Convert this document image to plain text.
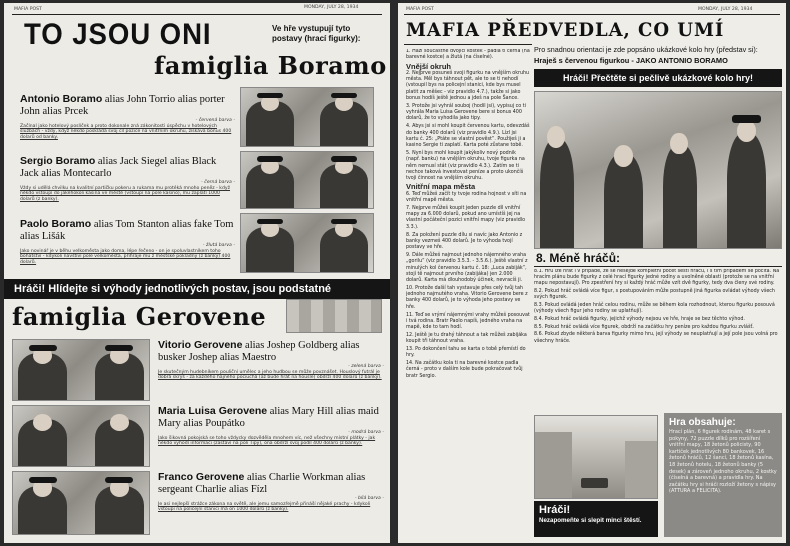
MAFIA POST	MONDAY, JULY 28, 1934
TO JSOU ONI	Ve hře vystupují tyto postavy (hrací figurky):
famiglia Boramo
Antonio Boramo alias John Torrio alias porter John alias Prcek
- červená barva -
Začínal jako hotelový poslíček a proto dokonale zná zákonitosti úspěchu v hotelových službách - vždy, když někdo poskládá svůj cíl pozice na vnitřním okruhu, získává bonus 400 dolarů od banky.
Sergio Boramo alias Jack Siegel alias Black Jack alias Montecarlo
- černá barva -
Vždy si udělá chvilku na kvalitní partičku pokeru a rukama mu protéká mnoho peněz - když někdo vstoupí do jakéhokoli kasina ve městě (vstoupí na pole kasino), mu zaplatí 1000 dolarů (z banky).
Paolo Boramo alias Tom Stanton alias fake Tom alias Lišák
- žlutá barva -
Jako novinář je v běhu velkoměsta jako doma, lépe řečeno - on je spoluvlastníkem toho bohatství - kdykoli navštíví pole velkoměsta, přihraje mu z městské pokladny (z banky) 400 dolarů.
Hráči! Hlídejte si výhody jednotlivých postav, jsou podstatné
famiglia Gerovene
Vitorio Gerovene alias Joshep Goldberg alias busker Joshep alias Maestro
- zelená barva -
Je skutečným hudebníkem pouliční umělec a jeho hudbou se může povznášet. Houslový futrál je dobrá skrýš - za každého hajného pociuchá (až bude hrát na housle) obdrží 400 dolarů (z banky).
Maria Luisa Gerovene alias Mary Hill alias maid Mary alias Poupátko
- modrá barva -
Jako šikovná pokojská se toho vždycky dozvěděla mnohem víc, než všechny místní plátky - jak někdo vyhodí informaci (zastaví na poli Tipy), ona obdrží svůj podíl 400 dolarů (z banky).
Franco Gerovene alias Charlie Workman alias sergeant Charlie alias Fízl
- bílá barva -
Je asi nejlepší strážce zákona na světě, ale jemu samozřejmě přináší nějaké prachy - kdykoli vstoupí na policejní stanici má on 1000 dolarů (z banky).
MAFIA POST	MONDAY, JULY 28, 1934
MAFIA PŘEDVEDLA, CO UMÍ
Pro snadnou orientaci je zde popsáno ukázkové kolo hry (představ si):
Hraješ s červenou figurkou - JAKO ANTONIO BORAMO
Hráči! Přečtěte si pečlivě ukázkové kolo hry!

1. Hází součastně dvojicí kostek - padla ti černá (na barevné kostce) a žlutá (na číselné).

Vnější okruh

2. Nejprve posuneš svoji figurku na vnějším okruhu města. Měl bys táhnout pět, ale to se ti nehodí (vstoupil bys na policejní stanici, kde bys musel platit za měšec - viz pravidlo 4.7.), takže si jako bonus hodíš ještě jednou a jdeš na pole Šance.

3. Protože jsi vyhrál souboj (hodil jsi), vypisuj co ti vyhrála Maria Luisa Gerovene bere si bonus 400 dolarů, že to vyhodila jako tipy.

4. Abys jsi si mohl koupit červenou kartu, odevzdáš do banky 400 dolarů (viz pravidlo 4.9.). Lízl jsi kartu č. 25: „Ptáte se vlastní pověst“. Použiješ ji a kasino Sergie ti zaplatí. Karta poté zůstane tobě.

5. Nyní bys mohl koupit jakýkoliv nový podnik (např. banku) na vnějším okruhu, tvoje figurka na něm nemusí stát (viz pravidlo 4.3.). Zatím se ti nechce taková investovat peníze a proto ukončíš tvoji činnost na vnějším okruhu.

Vnitřní mapa města

6. Teď můžeš začít ty tvoje rodina hojnost v síti na vnitřní mapě města.

7. Nejprve můžeš koupit jeden puzzle díl vnitřní mapy za 6.000 dolarů, pokud ano umístíš jej na vlastní počáteční pozici vnitřní mapy (viz pravidlo 3.3.).

8. Za položení puzzle dílu si navíc jako Antonio z banky vezmeš 400 dolarů. Je to výhoda tvojí postavy ve hře.

9. Dále můžeš najmout jednoho nájemného vraha „gorilu“ (viz pravidlo 3.5.3. - 3.5.6.). Ještě vlastní z minulých kol červenou kartu č. 18: „Luca zabiják“, stojí tě najmout prvního (zabijáka) jen 2.000 dolarů. Karta má dlouhodobý účinek, nevracíš ji.

10. Protože další tah vystavuje přes celý tvůj tah jednoho najmutého vraha. Vitorio Gerovene bere z banky 400 dolarů, je to výhoda jeho postavy ve hře.

11. Teď se vrýmí nájemnými vrahy můžeš posouvat i tvá rodina. Bratr Paolo napíš, jedného vraha na mapě, kde to tam hodí.

12. Ještě je tu drahý táhnout a tak můžeš zabijáka koupit tři táhnout vraha.

13. Po dokončení tahu se karta o tobě přemístí do hry.

14. Na začátku kola ti na barevné kostce padla černá - proto v dalším kole bude pokračovat tvůj bratr Sergio.

8. Méně hráčů:

8.1. Hru lze hrát i v případě, že se nesejde kompletní počet šesti hráčů, i s tím případem se počítá. Na hracím plánu bude figurky z celé hrací figurky jedné rodiny a uvolněné oblasti (protože se na vnitřní mapu nepostavují). Pro zpestření hry si každý hráč může vzít dvě figurky, tedy dva členy své rodiny.

8.2. Pokud hráč ovládá více figur, s postupováním může postupně jiná figurka ovládat výhody všech svých figurek.

8.3. Pokud ovládá jeden hráč celou rodinu, může se během kola rozhodnout, kterou figurku posouvá (výhody všech figur jeho rodiny se uplatňují).

8.4. Pokud hráč ovládá figurky, jejichž výhody nejsou ve hře, hraje se bez těchto výhod.

8.5. Pokud hráč ovládá více figurek, obdrží na začátku hry peníze pro každou figurku zvlášť.

8.6. Pokud zbyde některá barva figurky mimo hru, její výhody se neuplatňují a její pole jsou volná pro všechny hráče.

Hráči!
Nezapomeňte si slepit minci štěstí.
Hra obsahuje:
Hrací plán, 6 figurek rodinám, 48 karet s pokyny, 72 puzzle dílků pro rozšíření vnitřní mapy, 18 žetonů policisty, 90 kartiček jednotlivých 80 bankovek, 16 žetonů hráčů, 12 šancí, 18 žetonů kasína, 18 žetonů hotelu, 18 žetonů banky (5 desek) a zároveň jednoho okruhu, 2 kostky (číselná a barevná) a pravidla hry. Na začátku hry si hráči rozloží žetony s nápisy (ATTURA a FELICITA).
